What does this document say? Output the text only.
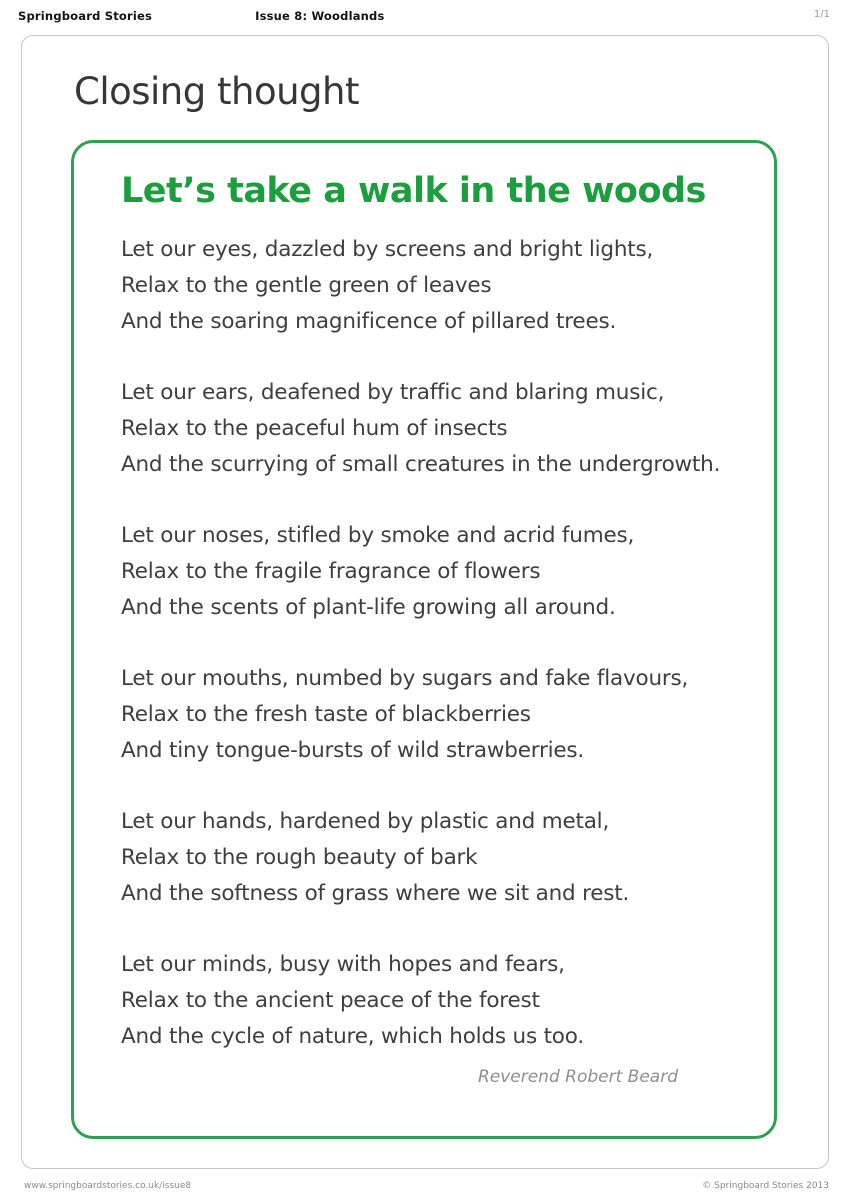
Springboard Stories	Issue 8: Woodlands	1/1
Closing thought
Let’s take a walk in the woods
Let our eyes, dazzled by screens and bright lights,
Relax to the gentle green of leaves
And the soaring magnificence of pillared trees.
Let our ears, deafened by traffic and blaring music,
Relax to the peaceful hum of insects
And the scurrying of small creatures in the undergrowth.
Let our noses, stifled by smoke and acrid fumes,
Relax to the fragile fragrance of flowers
And the scents of plant-life growing all around.
Let our mouths, numbed by sugars and fake flavours,
Relax to the fresh taste of blackberries
And tiny tongue-bursts of wild strawberries.
Let our hands, hardened by plastic and metal,
Relax to the rough beauty of bark
And the softness of grass where we sit and rest.
Let our minds, busy with hopes and fears,
Relax to the ancient peace of the forest
And the cycle of nature, which holds us too.
Reverend Robert Beard
www.springboardstories.co.uk/issue8	© Springboard Stories 2013
